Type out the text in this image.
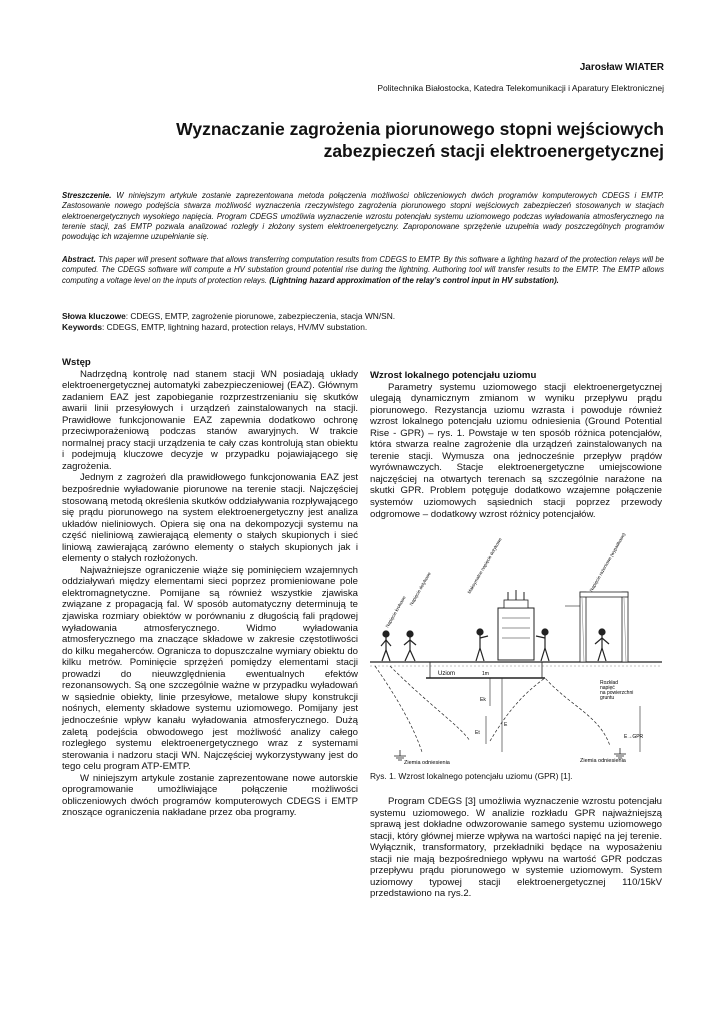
Jarosław WIATER
Politechnika Białostocka, Katedra Telekomunikacji i Aparatury Elektronicznej
Wyznaczanie zagrożenia piorunowego stopni wejściowych
zabezpieczeń stacji elektroenergetycznej
Streszczenie. W niniejszym artykule zostanie zaprezentowana metoda połączenia możliwości obliczeniowych dwóch programów komputerowych CDEGS i EMTP. Zastosowanie nowego podejścia stwarza możliwość wyznaczenia rzeczywistego zagrożenia piorunowego stopni wejściowych zabezpieczeń stosowanych w stacjach elektroenergetycznych wysokiego napięcia. Program CDEGS umożliwia wyznaczenie wzrostu potencjału systemu uziomowego podczas wyładowania atmosferycznego na terenie stacji, zaś EMTP pozwala analizować rozległy i złożony system elektroenergetyczny. Zaproponowane sprzężenie uzupełnia wady poszczególnych programów powodując ich wzajemne uzupełnianie się.
Abstract. This paper will present software that allows transferring computation results from CDEGS to EMTP. By this software a lighting hazard of the protection relays will be computed. The CDEGS software will compute a HV substation ground potential rise during the lightning. Authoring tool will transfer results to the EMTP. The EMTP allows computing a voltage level on the inputs of protection relays. (Lightning hazard approximation of the relay’s control input in HV substation).
Słowa kluczowe: CDEGS, EMTP, zagrożenie piorunowe, zabezpieczenia, stacja WN/SN.
Keywords: CDEGS, EMTP, lightning hazard, protection relays, HV/MV substation.
Wstęp

Nadrzędną kontrolę nad stanem stacji WN posiadają układy elektroenergetycznej automatyki zabezpieczeniowej (EAZ). Głównym zadaniem EAZ jest zapobieganie rozprzestrzenianiu się skutków awarii linii przesyłowych i urządzeń zainstalowanych na stacji. Prawidłowe funkcjonowanie EAZ zapewnia dodatkowo ochronę przeciwporażeniową podczas stanów awaryjnych. W trakcie normalnej pracy stacji urządzenia te cały czas kontrolują stan obiektu i podejmują kluczowe decyzje w przypadku pojawiającego się zagrożenia.

Jednym z zagrożeń dla prawidłowego funkcjonowania EAZ jest bezpośrednie wyładowanie piorunowe na terenie stacji. Najczęściej stosowaną metodą określenia skutków oddziaływania rozpływającego się prądu piorunowego na system elektroenergetyczny jest analiza układów nieliniowych. Opiera się ona na dekompozycji systemu na część nieliniową zawierającą elementy o stałych skupionych i sieć liniową zawierającą zarówno elementy o stałych skupionych jak i elementy o stałych rozłożonych.

Najważniejsze ograniczenie wiąże się pominięciem wzajemnych oddziaływań między elementami sieci poprzez promieniowane pole elektromagnetyczne. Pomijane są również wszystkie zjawiska związane z propagacją fal. W sposób automatyczny determinują te zjawiska rozmiary obiektów w porównaniu z długością fali prądowej wyładowania atmosferycznego. Widmo wyładowania atmosferycznego ma znaczące składowe w zakresie częstotliwości do kilku megaherców. Ogranicza to dopuszczalne wymiary obiektu do kilku metrów. Pominięcie sprzężeń pomiędzy elementami stacji prowadzi do nieuwzględnienia ewentualnych efektów rezonansowych. Są one szczególnie ważne w przypadku wyładowań w sąsiednie obiekty, linie przesyłowe, metalowe słupy konstrukcji nośnych, elementy składowe systemu uziomowego. Pomijany jest jednocześnie wpływ kanału wyładowania atmosferycznego. Dużą zaletą podejścia obwodowego jest możliwość analizy całego rozległego systemu elektroenergetycznego wraz z systemami sterowania i nadzoru stacji WN. Najczęściej wykorzystywany jest do tego celu program ATP-EMTP.

W niniejszym artykule zostanie zaprezentowane nowe autorskie oprogramowanie umożliwiające połączenie możliwości obliczeniowych dwóch programów komputerowych CDEGS i EMTP znoszące ograniczenia nakładane przez oba programy.

Wzrost lokalnego potencjału uziomu

Parametry systemu uziomowego stacji elektroenergetycznej ulegają dynamicznym zmianom w wyniku przepływu prądu piorunowego. Rezystancja uziomu wzrasta i powoduje również wzrost lokalnego potencjału uziomu odniesienia (Ground Potential Rise - GPR) – rys. 1. Powstaje w ten sposób różnica potencjałów, która stwarza realne zagrożenie dla urządzeń zainstalowanych na terenie stacji. Wymusza ona jednocześnie przepływ prądów wyrównawczych. Stacje elektroenergetyczne umiejscowione najczęściej na otwartych terenach są szczególnie narażone na skutki GPR. Problem potęguje dodatkowo wzajemne połączenie systemów uziomowych sąsiednich stacji poprzez przewody odgromowe – dodatkowy wzrost różnicy potencjałów.

Uziom	1m
Napięcie krokowe
Napięcie dotykowe	Maksymalne napięcie dotykowe	Napięcie rażeniowe (wypadkowe)
E
Ek
Et
Rozkład napięć na powierzchni gruntu
E→GPR
Ziemia odniesienia	Ziemia odniesienia
Rys. 1. Wzrost lokalnego potencjału uziomu (GPR) [1].

Program CDEGS [3] umożliwia wyznaczenie wzrostu potencjału systemu uziomowego. W analizie rozkładu GPR najważniejszą sprawą jest dokładne odwzorowanie samego systemu uziomowego stacji, który głównej mierze wpływa na wartości napięć na jej terenie. Wyłącznik, transformatory, przekładniki będące na wyposażeniu stacji nie mają bezpośredniego wpływu na wartość GPR podczas przepływu prądu piorunowego w systemie uziomowym. System uziomowy typowej stacji elektroenergetycznej 110/15kV przedstawiono na rys.2.
